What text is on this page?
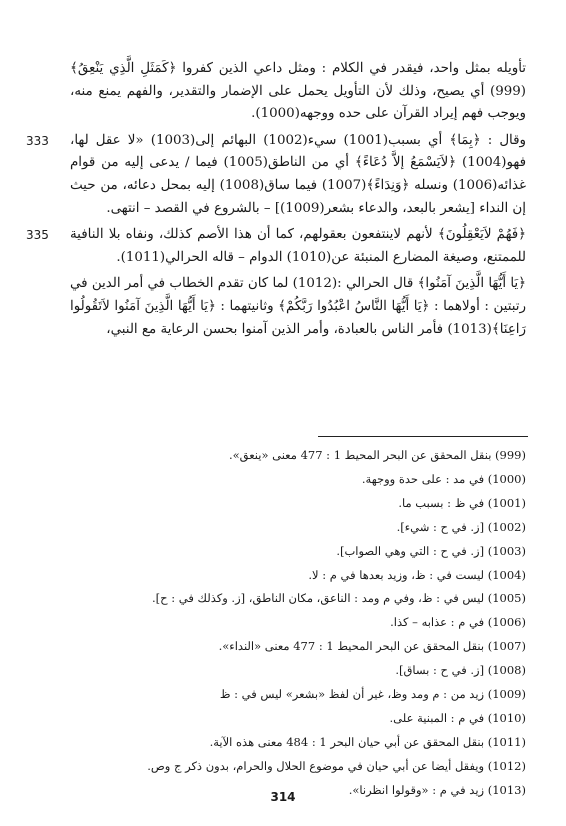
تأويله بمثل واحد، فيقدر في الكلام : ومثل داعي الذين كفروا ﴿كَمَثَلِ الَّذِي يَنْعِقُ﴾(999) أي يصيح، وذلك لأن التأويل يحمل على الإضمار والتقدير، والفهم يمنع منه، ويوجب فهم إيراد القرآن على حده ووجهه(1000).

333 وقال : ﴿بِمَا﴾ أي بسبب(1001) سيء(1002) البهائم إلى(1003) «لا عقل لها، فهو(1004) ﴿لاَيَسْمَعُ إلاَّ دُعَاءً﴾ أي من الناطق(1005) فيما / يدعى إليه من قوام غذائه(1006) ونسله ﴿وَنِدَاءً﴾(1007) فيما ساق(1008) إليه بمحل دعائه، من حيث إن النداء [يشعر بالبعد، والدعاء بشعر(1009)] – بالشروع في القصد – انتهى.

335 ﴿فَهُمْ لاَيَعْقِلُونَ﴾ لأنهم لاينتفعون بعقولهم، كما أن هذا الأصم كذلك، ونفاه بلا النافية للممتنع، وصيغة المضارع المنبئة عن(1010) الدوام – قاله الحرالي(1011).

﴿يَا أَيُّهَا الَّذِينَ آمَنُوا﴾ قال الحرالي :(1012) لما كان تقدم الخطاب في أمر الدين في رتبتين : أولاهما : ﴿يَا أَيُّهَا النَّاسُ اعْبُدُوا رَبَّكُمْ﴾ وثانيتهما : ﴿يَا أَيُّهَا الَّذِينَ آمَنُوا لاَتَقُولُوا رَاعِنَا﴾(1013) فأمر الناس بالعبادة، وأمر الذين آمنوا بحسن الرعاية مع النبي،

(999) بنقل المحقق عن البحر المحيط 1 : 477 معنى «ينعق».
(1000) في مد : على حدة ووجهة.
(1001) في ظ : بسبب ما.
(1002) [ز. في ح : شيء].
(1003) [ز. في ح : التي وهي الصواب].
(1004) ليست في : ظ، وزيد بعدها في م : لا.
(1005) ليس في : ظ، وفي م ومد : الناعق، مكان الناطق، [ز. وكذلك في : ح].
(1006) في م : عذابه – كذا.
(1007) بنقل المحقق عن البحر المحيط 1 : 477 معنى «النداء».
(1008) [ز. في ح : بساق].
(1009) زيد من : م ومد وظ، غير أن لفظ «بشعر» ليس في : ظ
(1010) في م : المبنية على.
(1011) بنقل المحقق عن أبي حيان البحر 1 : 484 معنى هذه الآية.
(1012) ويفقل أيضا عن أبي حيان في موضوع الحلال والحرام، بدون ذكر ج وص.
(1013) زيد في م : «وقولوا انظرنا».
314
